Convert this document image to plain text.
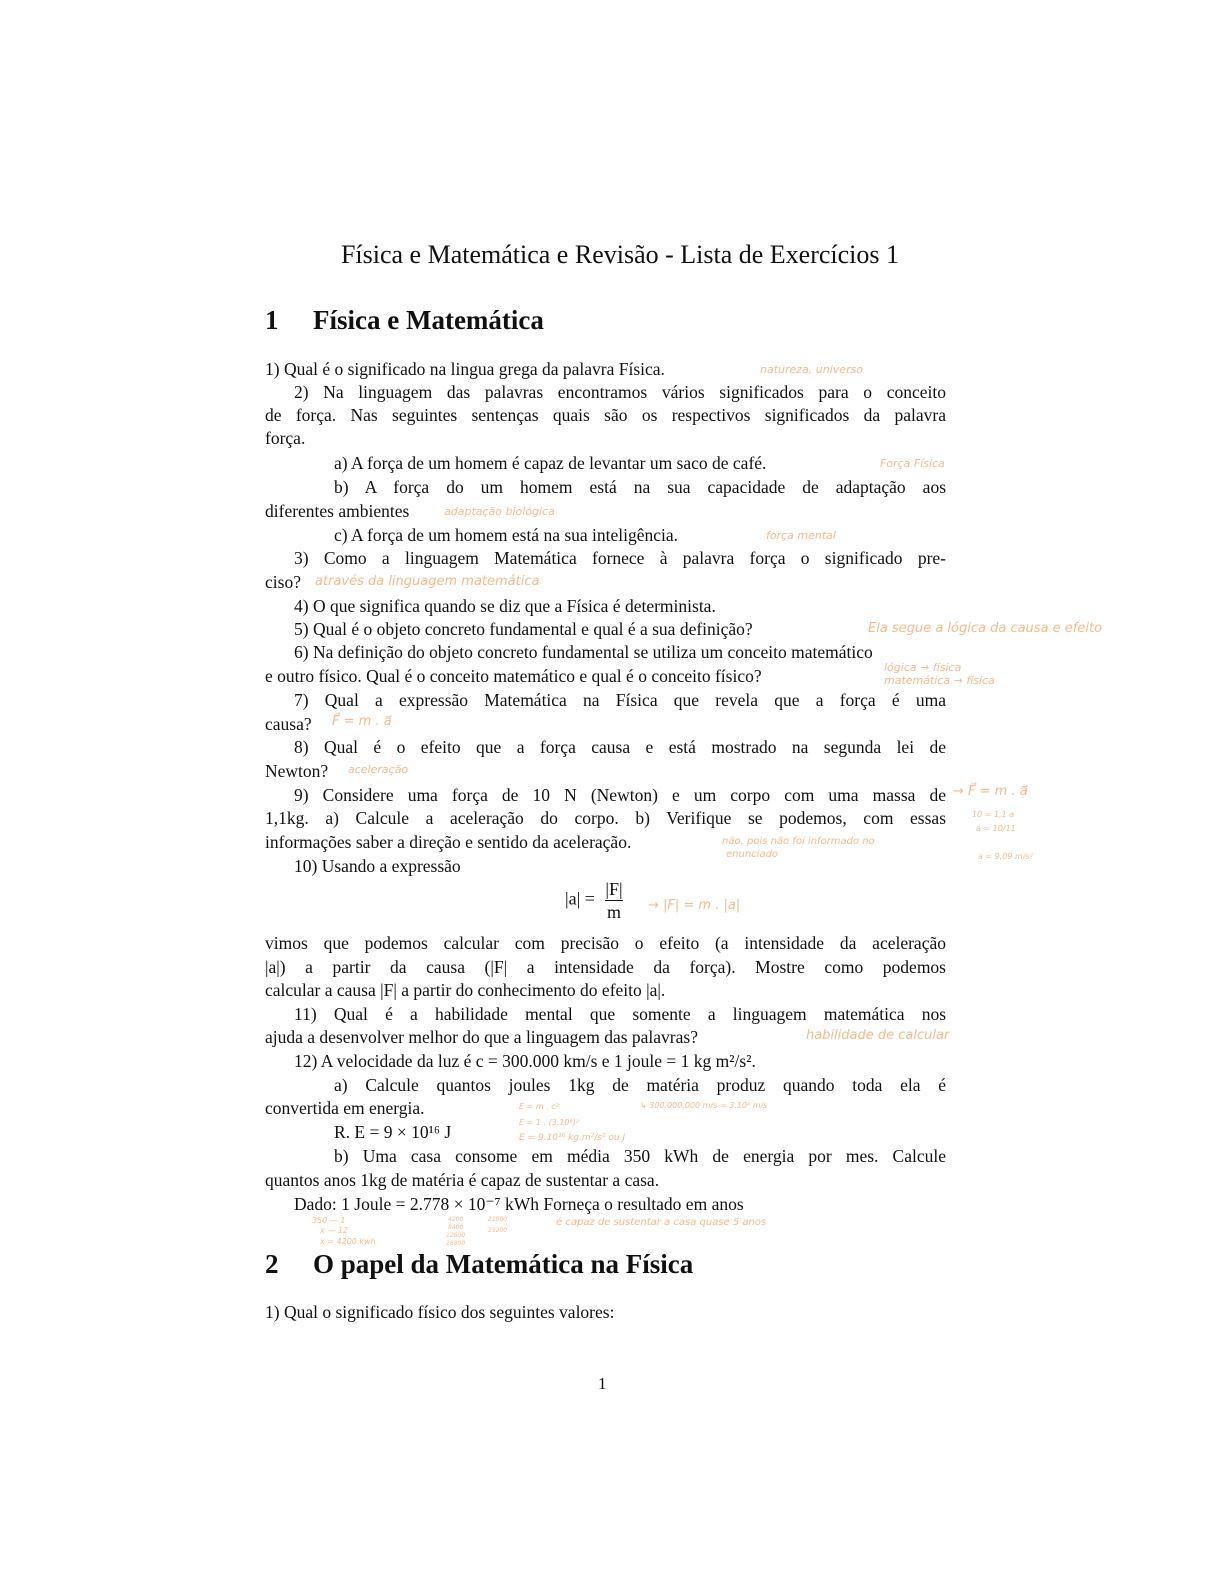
Física e Matemática e Revisão - Lista de Exercícios 1
1 Física e Matemática
1) Qual é o significado na lingua grega da palavra Física.
2) Na linguagem das palavras encontramos vários significados para o conceito
de força. Nas seguintes sentenças quais são os respectivos significados da palavra
força.
a) A força de um homem é capaz de levantar um saco de café.
b) A força do um homem está na sua capacidade de adaptação aos
diferentes ambientes
c) A força de um homem está na sua inteligência.
3) Como a linguagem Matemática fornece à palavra força o significado pre-
ciso?
4) O que significa quando se diz que a Física é determinista.
5) Qual é o objeto concreto fundamental e qual é a sua definição?
6) Na definição do objeto concreto fundamental se utiliza um conceito matemático
e outro físico. Qual é o conceito matemático e qual é o conceito físico?
7) Qual a expressão Matemática na Física que revela que a força é uma
causa?
8) Qual é o efeito que a força causa e está mostrado na segunda lei de
Newton?
9) Considere uma força de 10 N (Newton) e um corpo com uma massa de
1,1kg. a) Calcule a aceleração do corpo. b) Verifique se podemos, com essas
informações saber a direção e sentido da aceleração.
10) Usando a expressão
$|a| = \frac{|F|}{m}$
vimos que podemos calcular com precisão o efeito (a intensidade da aceleração
|a|) a partir da causa (|F| a intensidade da força). Mostre como podemos
calcular a causa |F| a partir do conhecimento do efeito |a|.
11) Qual é a habilidade mental que somente a linguagem matemática nos
ajuda a desenvolver melhor do que a linguagem das palavras?
12) A velocidade da luz é c = 300.000 km/s e 1 joule = 1 kg m²/s².
a) Calcule quantos joules 1kg de matéria produz quando toda ela é
convertida em energia.
R. E = 9 × 10¹⁶ J
b) Uma casa consome em média 350 kWh de energia por mes. Calcule
quantos anos 1kg de matéria é capaz de sustentar a casa.
Dado: 1 Joule = 2.778 × 10⁻⁷ kWh Forneça o resultado em anos
2 O papel da Matemática na Física
1) Qual o significado físico dos seguintes valores:
natureza, universo
Força Física
adaptação biológica
força mental
através da linguagem matemática
Ela segue a lógica da causa e efeito
lógica → física
matemática → física
F⃗ = m . a⃗
aceleração
→ F⃗ = m . a⃗
10 = 1,1 a
a = 10/11
a = 9,09 m/s²
não, pois não foi informado no
enunciado
→ |F| = m . |a|
habilidade de calcular
↳ 300.000.000 m/s = 3.10⁸ m/s
E = m . c²
E = 1 . (3.10⁸)²
E = 9.10¹⁶ kg.m²/s² ou J
350 — 1
x — 12
x = 4200 kwh
4200
8400
12600
16800
21000
25200
é capaz de sustentar a casa quase 5 anos
1
